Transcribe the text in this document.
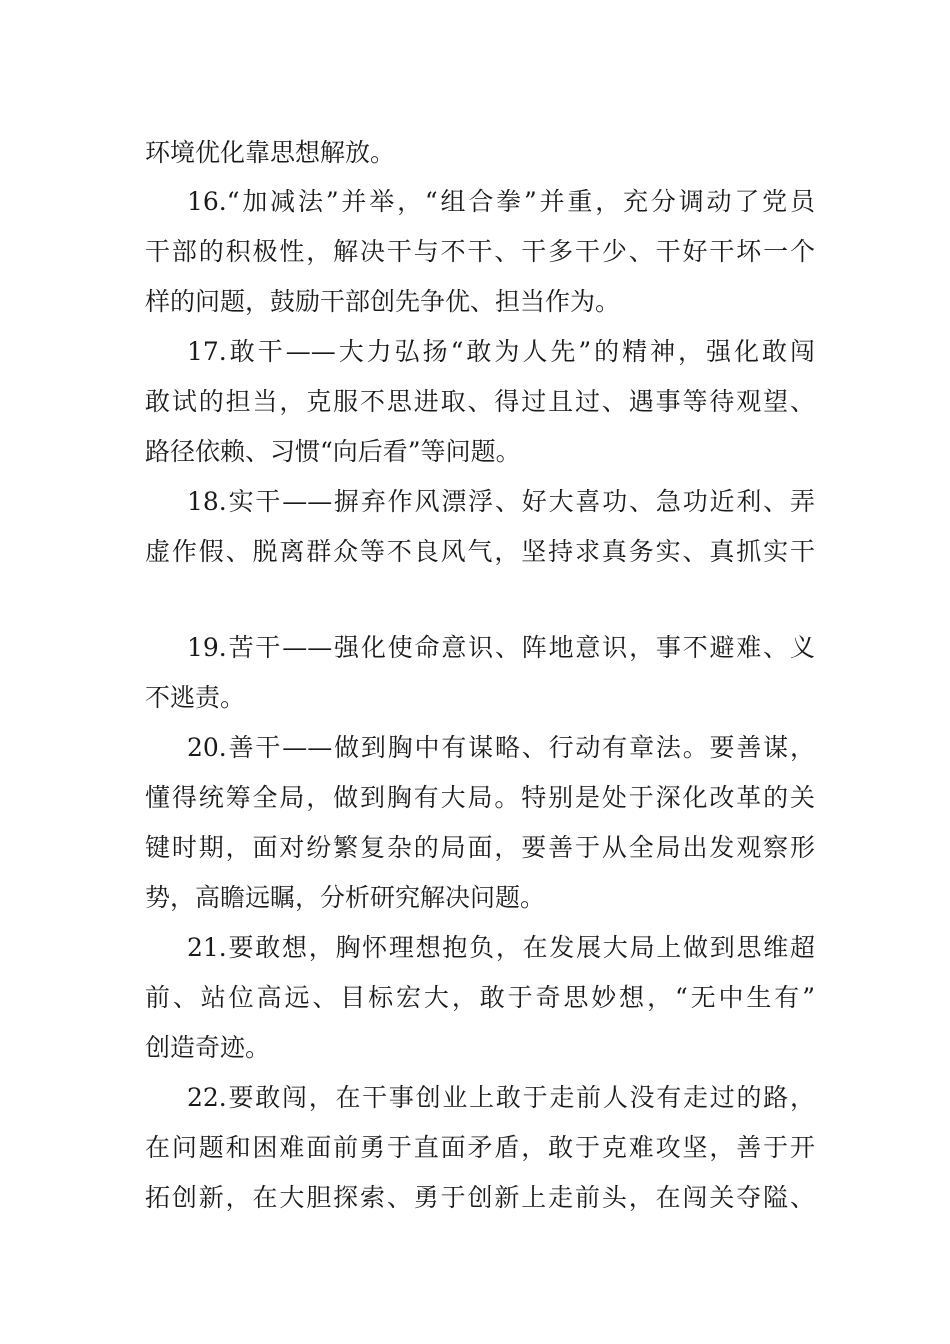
环境优化靠思想解放。
16.“加减法”并举，“组合拳”并重，充分调动了党员
干部的积极性，解决干与不干、干多干少、干好干坏一个
样的问题，鼓励干部创先争优、担当作为。
17.敢干——大力弘扬“敢为人先”的精神，强化敢闯
敢试的担当，克服不思进取、得过且过、遇事等待观望、
路径依赖、习惯“向后看”等问题。
18.实干——摒弃作风漂浮、好大喜功、急功近利、弄
虚作假、脱离群众等不良风气，坚持求真务实、真抓实干
19.苦干——强化使命意识、阵地意识，事不避难、义
不逃责。
20.善干——做到胸中有谋略、行动有章法。要善谋，
懂得统筹全局，做到胸有大局。特别是处于深化改革的关
键时期，面对纷繁复杂的局面，要善于从全局出发观察形
势，高瞻远瞩，分析研究解决问题。
21.要敢想，胸怀理想抱负，在发展大局上做到思维超
前、站位高远、目标宏大，敢于奇思妙想，“无中生有”
创造奇迹。
22.要敢闯，在干事创业上敢于走前人没有走过的路，
在问题和困难面前勇于直面矛盾，敢于克难攻坚，善于开
拓创新，在大胆探索、勇于创新上走前头，在闯关夺隘、
